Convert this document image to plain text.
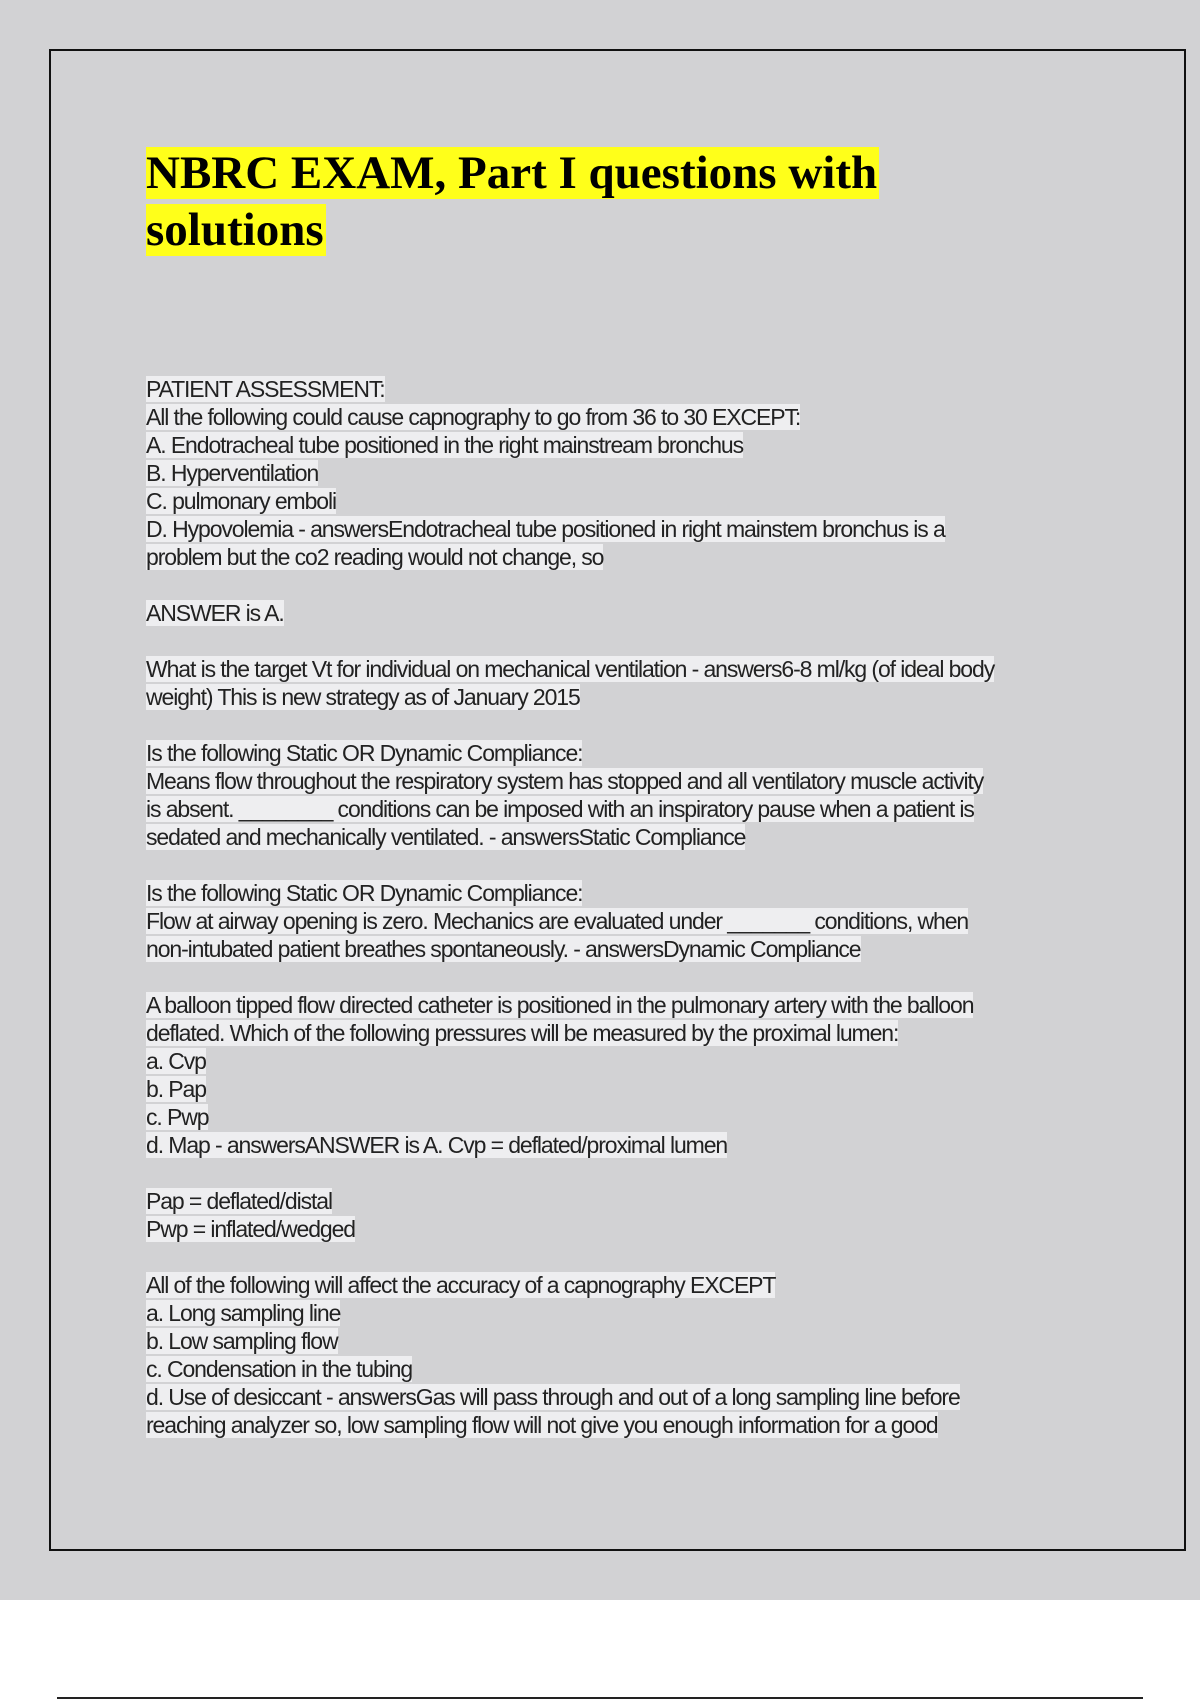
NBRC EXAM, Part I questions with
solutions
PATIENT ASSESSMENT:
All the following could cause capnography to go from 36 to 30 EXCEPT:
A. Endotracheal tube positioned in the right mainstream bronchus
B. Hyperventilation
C. pulmonary emboli
D. Hypovolemia - answersEndotracheal tube positioned in right mainstem bronchus is a
problem but the co2 reading would not change, so
ANSWER is A.
What is the target Vt for individual on mechanical ventilation - answers6-8 ml/kg (of ideal body
weight) This is new strategy as of January 2015
Is the following Static OR Dynamic Compliance:
Means flow throughout the respiratory system has stopped and all ventilatory muscle activity
is absent. ________ conditions can be imposed with an inspiratory pause when a patient is
sedated and mechanically ventilated. - answersStatic Compliance
Is the following Static OR Dynamic Compliance:
Flow at airway opening is zero. Mechanics are evaluated under _______ conditions, when
non-intubated patient breathes spontaneously. - answersDynamic Compliance
A balloon tipped flow directed catheter is positioned in the pulmonary artery with the balloon
deflated. Which of the following pressures will be measured by the proximal lumen:
a. Cvp
b. Pap
c. Pwp
d. Map - answersANSWER is A. Cvp = deflated/proximal lumen
Pap = deflated/distal
Pwp = inflated/wedged
All of the following will affect the accuracy of a capnography EXCEPT
a. Long sampling line
b. Low sampling flow
c. Condensation in the tubing
d. Use of desiccant - answersGas will pass through and out of a long sampling line before
reaching analyzer so, low sampling flow will not give you enough information for a good
